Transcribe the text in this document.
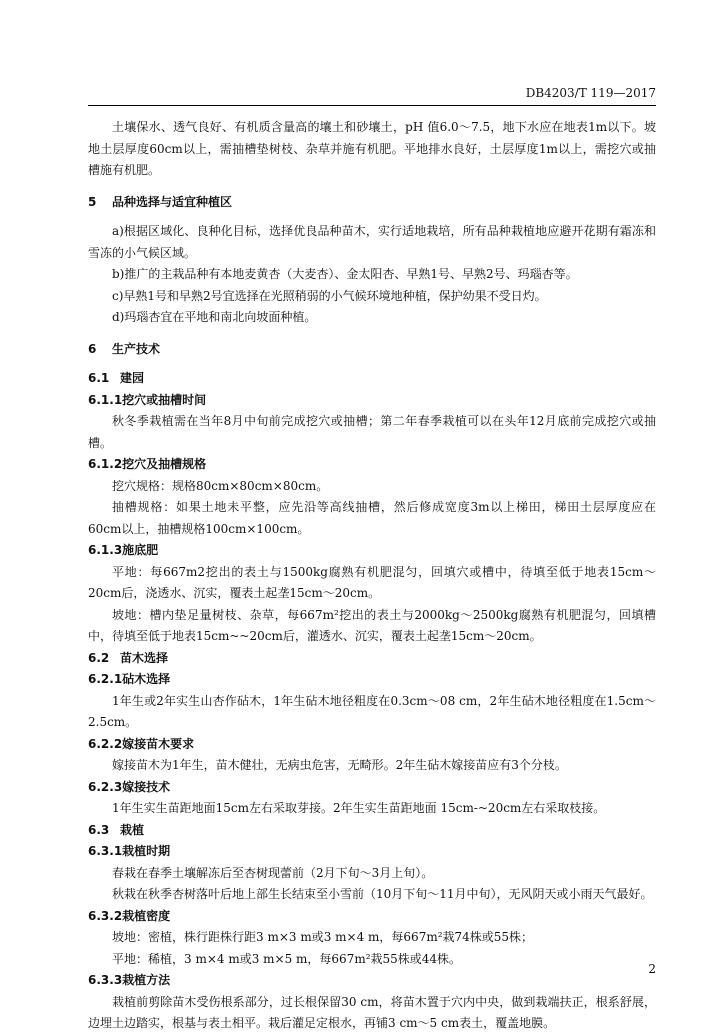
DB4203/T 119—2017
土壤保水、透气良好、有机质含量高的壤土和砂壤土，pH 值6.0～7.5，地下水应在地表1m以下。坡地土层厚度60cm以上，需抽槽垫树枝、杂草并施有机肥。平地排水良好，土层厚度1m以上，需挖穴或抽槽施有机肥。
5 品种选择与适宜种植区
a)根据区域化、良种化目标，选择优良品种苗木，实行适地栽培，所有品种栽植地应避开花期有霜冻和雪冻的小气候区域。
b)推广的主栽品种有本地麦黄杏（大麦杏）、金太阳杏、早熟1号、早熟2号、玛瑙杏等。
c)早熟1号和早熟2号宜选择在光照稍弱的小气候环境地种植，保护幼果不受日灼。
d)玛瑙杏宜在平地和南北向坡面种植。
6 生产技术
6.1 建园
6.1.1挖穴或抽槽时间
秋冬季栽植需在当年8月中旬前完成挖穴或抽槽；第二年春季栽植可以在头年12月底前完成挖穴或抽槽。
6.1.2挖穴及抽槽规格
挖穴规格：规格80cm×80cm×80cm。
抽槽规格：如果土地未平整，应先沿等高线抽槽，然后修成宽度3m以上梯田，梯田土层厚度应在60cm以上，抽槽规格100cm×100cm。
6.1.3施底肥
平地：每667m2挖出的表土与1500kg腐熟有机肥混匀，回填穴或槽中，待填至低于地表15cm～20cm后，浇透水、沉实，覆表土起垄15cm～20cm。
坡地：槽内垫足量树枝、杂草，每667m²挖出的表土与2000kg～2500kg腐熟有机肥混匀，回填槽中，待填至低于地表15cm~~20cm后，灌透水、沉实，覆表土起垄15cm～20cm。
6.2 苗木选择
6.2.1砧木选择
1年生或2年实生山杏作砧木，1年生砧木地径粗度在0.3cm～08 cm，2年生砧木地径粗度在1.5cm～2.5cm。
6.2.2嫁接苗木要求
嫁接苗木为1年生，苗木健壮，无病虫危害，无畸形。2年生砧木嫁接苗应有3个分枝。
6.2.3嫁接技术
1年生实生苗距地面15cm左右采取芽接。2年生实生苗距地面 15cm-~20cm左右采取枝接。
6.3 栽植
6.3.1栽植时期
春栽在春季土壤解冻后至杏树现蕾前（2月下旬～3月上旬）。
秋栽在秋季杏树落叶后地上部生长结束至小雪前（10月下旬～11月中旬），无风阴天或小雨天气最好。
6.3.2栽植密度
坡地：密植，株行距株行距3 m×3 m或3 m×4 m，每667m²栽74株或55株；
平地：稀植，3 m×4 m或3 m×5 m，每667m²栽55株或44株。
6.3.3栽植方法
栽植前剪除苗木受伤根系部分，过长根保留30 cm，将苗木置于穴内中央，做到栽端扶正，根系舒展，边埋土边踏实，根基与表土相平。栽后灌足定根水，再铺3 cm～5 cm表土，覆盖地膜。
2
